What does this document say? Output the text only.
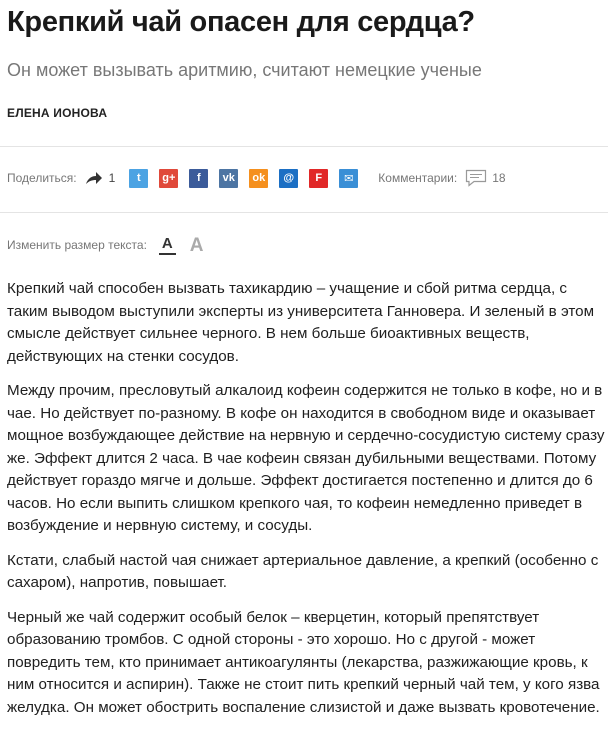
Крепкий чай опасен для сердца?
Он может вызывать аритмию, считают немецкие ученые
ЕЛЕНА ИОНОВА
Поделиться:	1	t	g+	f	vk	ok	@	F	✉	Комментарии:	18
Изменить размер текста: A A

Крепкий чай способен вызвать тахикардию – учащение и сбой ритма сердца, с таким выводом выступили эксперты из университета Ганновера. И зеленый в этом смысле действует сильнее черного. В нем больше биоактивных веществ, действующих на стенки сосудов.

Между прочим, пресловутый алкалоид кофеин содержится не только в кофе, но и в чае. Но действует по-разному. В кофе он находится в свободном виде и оказывает мощное возбуждающее действие на нервную и сердечно-сосудистую систему сразу же. Эффект длится 2 часа. В чае кофеин связан дубильными веществами. Потому действует гораздо мягче и дольше. Эффект достигается постепенно и длится до 6 часов. Но если выпить слишком крепкого чая, то кофеин немедленно приведет в возбуждение и нервную систему, и сосуды.

Кстати, слабый настой чая снижает артериальное давление, а крепкий (особенно с сахаром), напротив, повышает.

Черный же чай содержит особый белок – кверцетин, который препятствует образованию тромбов. С одной стороны - это хорошо. Но с другой - может повредить тем, кто принимает антикоагулянты (лекарства, разжижающие кровь, к ним относится и аспирин). Также не стоит пить крепкий черный чай тем, у кого язва желудка. Он может обострить воспаление слизистой и даже вызвать кровотечение.
